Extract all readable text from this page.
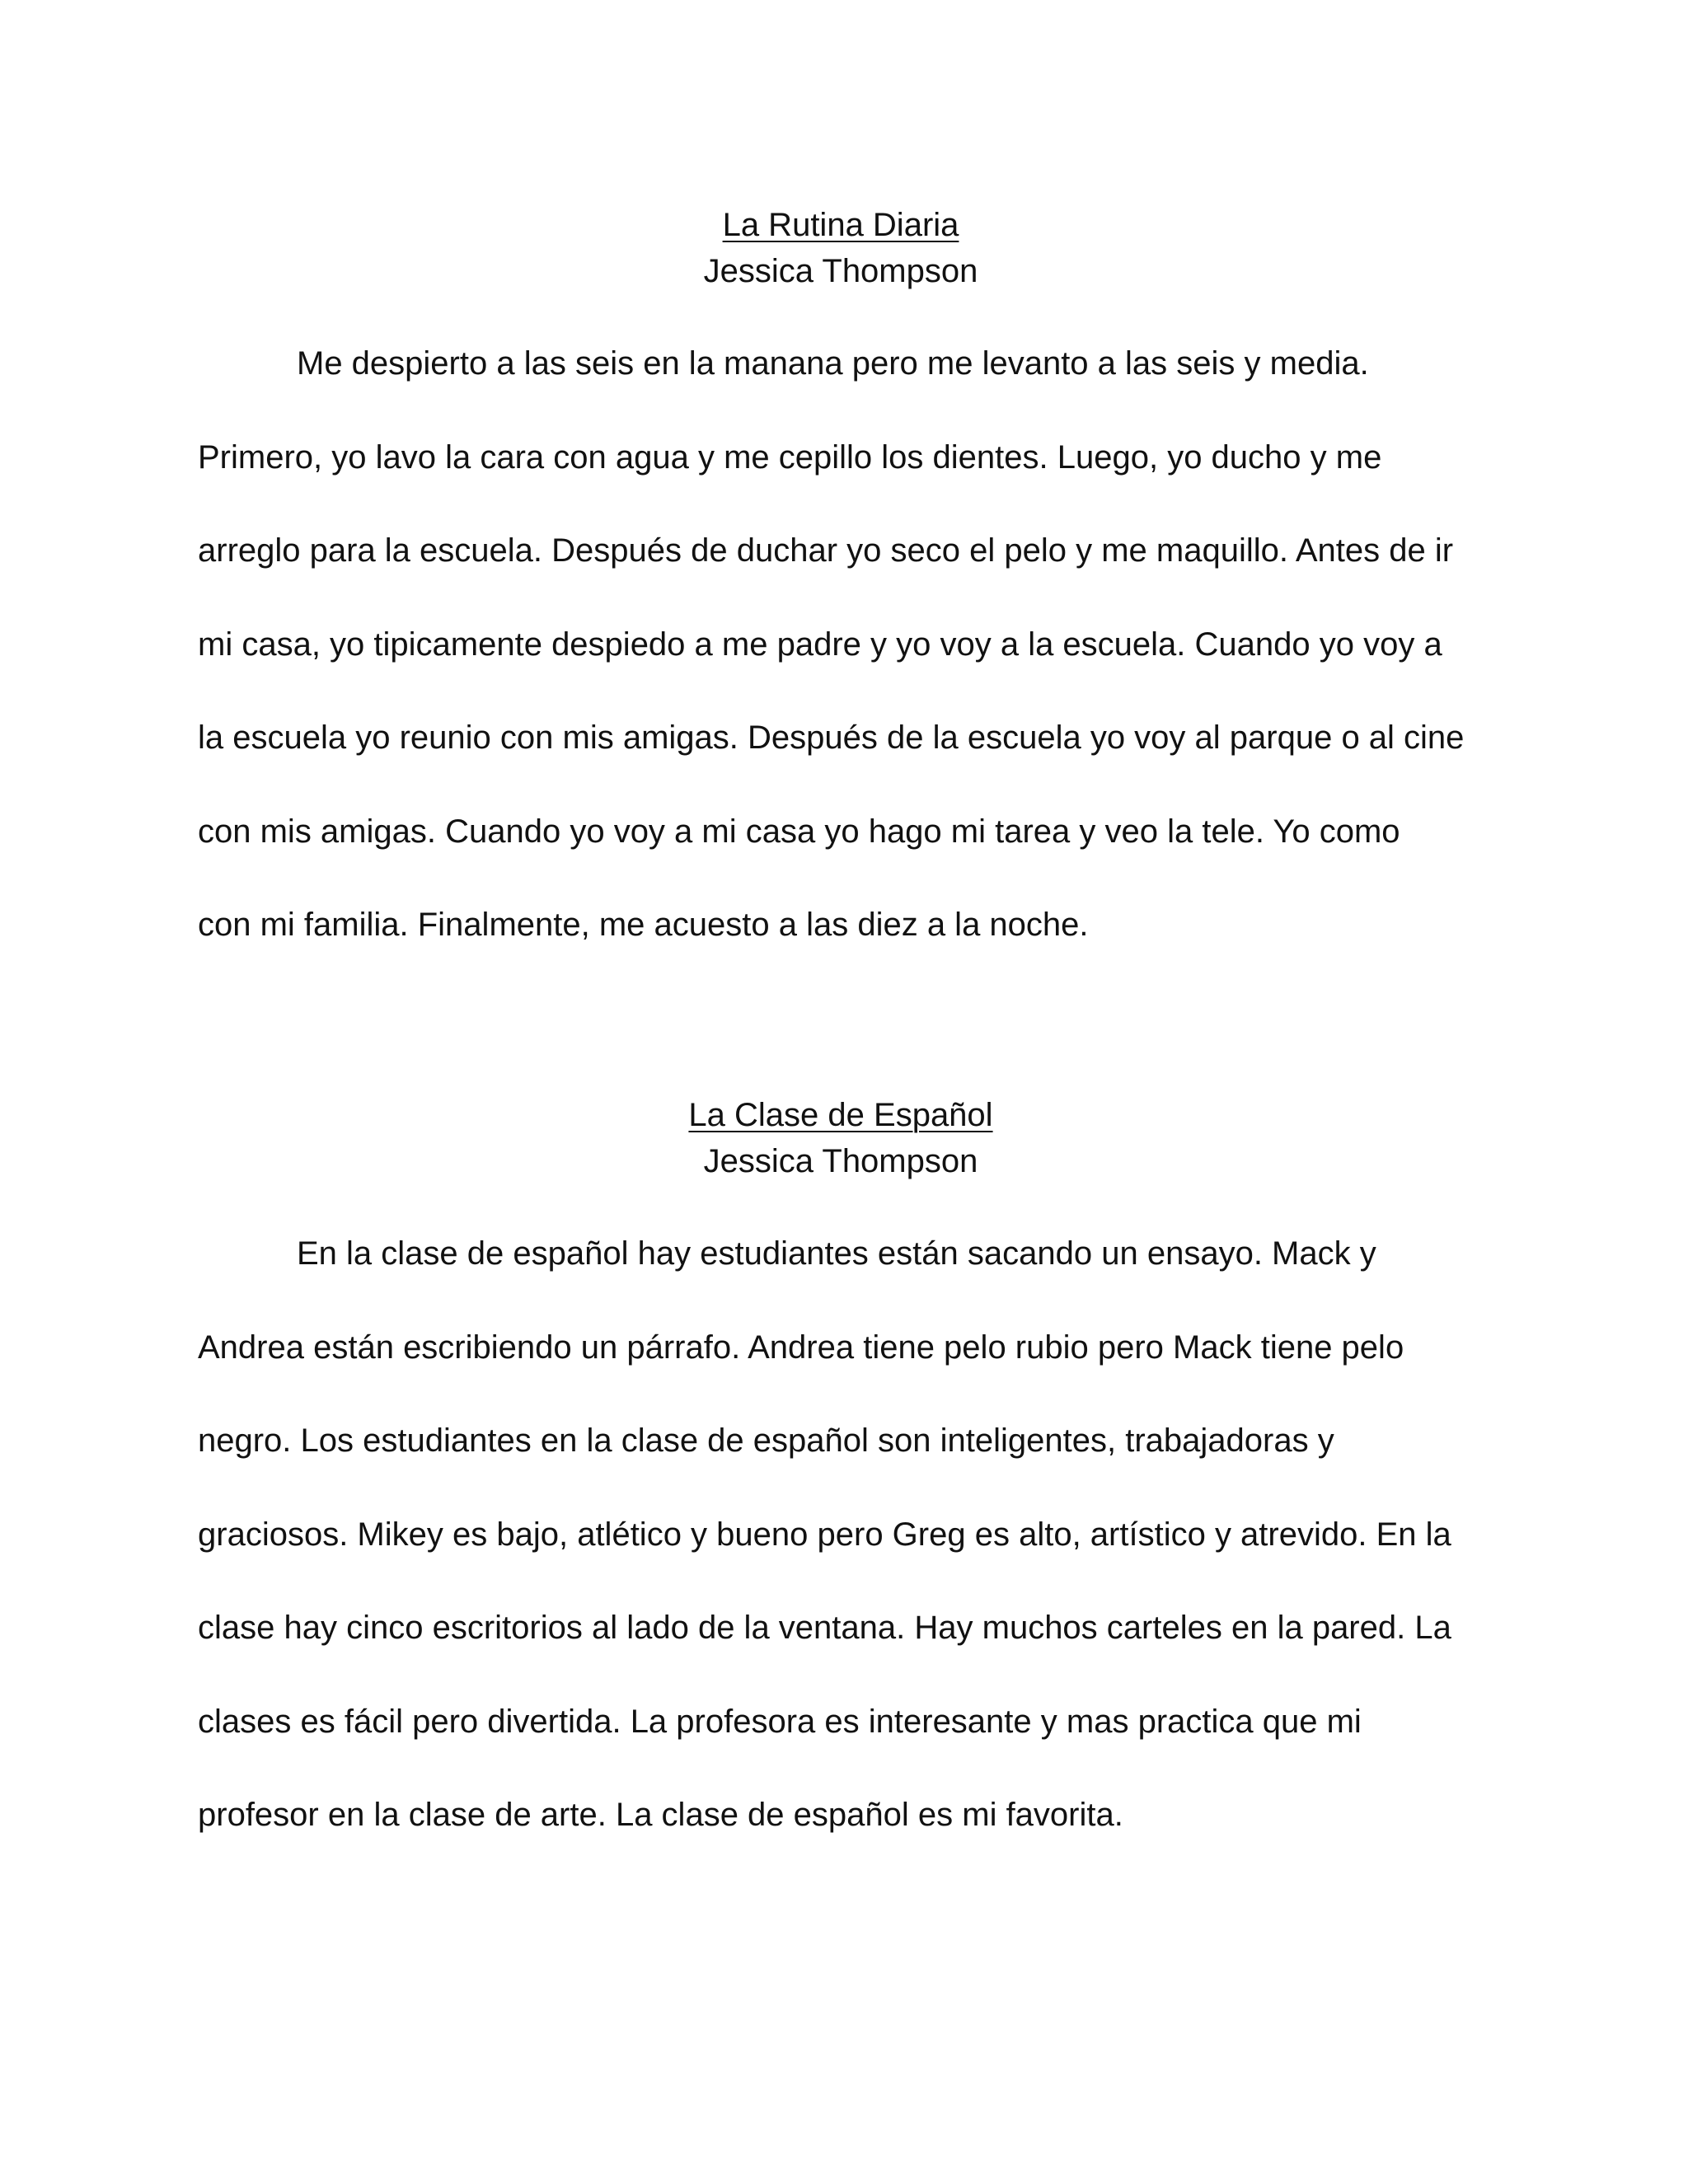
La Rutina Diaria

Jessica Thompson

Me despierto a las seis en la manana pero me levanto a las seis y media.
Primero, yo lavo la cara con agua y me cepillo los dientes. Luego, yo ducho y me
arreglo para la escuela. Después de duchar yo seco el pelo y me maquillo. Antes de ir
mi casa, yo tipicamente despiedo a me padre y yo voy a la escuela. Cuando yo voy a
la escuela yo reunio con mis amigas. Después de la escuela yo voy al parque o al cine
con mis amigas. Cuando yo voy a mi casa yo hago mi tarea y veo la tele. Yo como
con mi familia. Finalmente, me acuesto a las diez a la noche.
La Clase de Español

Jessica Thompson

En la clase de español hay estudiantes están sacando un ensayo. Mack y
Andrea están escribiendo un párrafo. Andrea tiene pelo rubio pero Mack tiene pelo
negro. Los estudiantes en la clase de español son inteligentes, trabajadoras y
graciosos. Mikey es bajo, atlético y bueno pero Greg es alto, artístico y atrevido. En la
clase hay cinco escritorios al lado de la ventana. Hay muchos carteles en la pared. La
clases es fácil pero divertida. La profesora es interesante y mas practica que mi
profesor en la clase de arte. La clase de español es mi favorita.
